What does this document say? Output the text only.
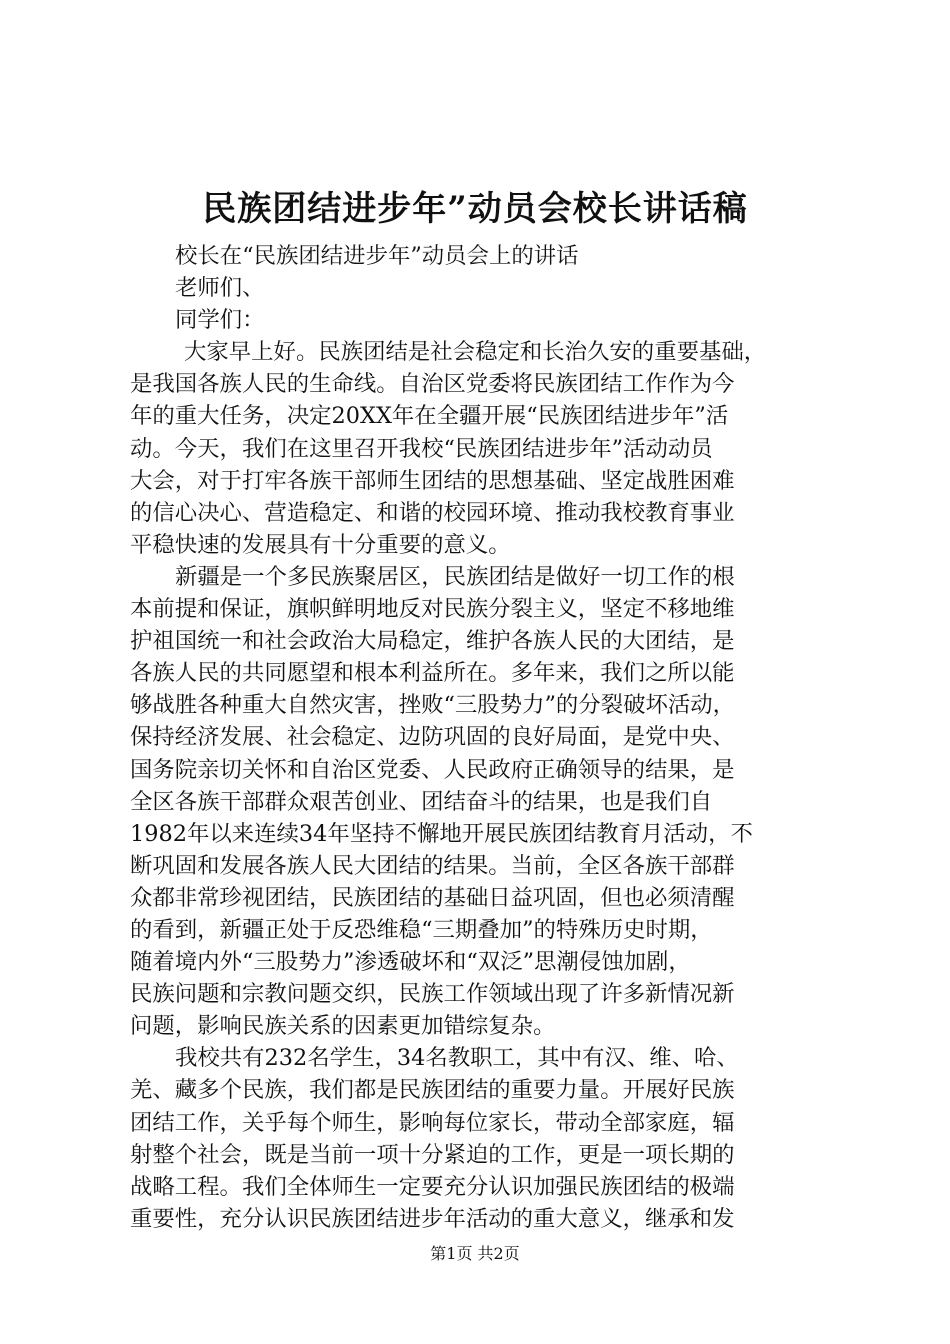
民族团结进步年”动员会校长讲话稿
校长在“民族团结进步年”动员会上的讲话
老师们、
同学们：
大家早上好。民族团结是社会稳定和长治久安的重要基础，
是我国各族人民的生命线。自治区党委将民族团结工作作为今
年的重大任务，决定20XX年在全疆开展“民族团结进步年”活
动。今天，我们在这里召开我校“民族团结进步年”活动动员
大会，对于打牢各族干部师生团结的思想基础、坚定战胜困难
的信心决心、营造稳定、和谐的校园环境、推动我校教育事业
平稳快速的发展具有十分重要的意义。
新疆是一个多民族聚居区，民族团结是做好一切工作的根
本前提和保证，旗帜鲜明地反对民族分裂主义，坚定不移地维
护祖国统一和社会政治大局稳定，维护各族人民的大团结，是
各族人民的共同愿望和根本利益所在。多年来，我们之所以能
够战胜各种重大自然灾害，挫败“三股势力”的分裂破坏活动，
保持经济发展、社会稳定、边防巩固的良好局面，是党中央、
国务院亲切关怀和自治区党委、人民政府正确领导的结果，是
全区各族干部群众艰苦创业、团结奋斗的结果，也是我们自
1982年以来连续34年坚持不懈地开展民族团结教育月活动，不
断巩固和发展各族人民大团结的结果。当前，全区各族干部群
众都非常珍视团结，民族团结的基础日益巩固，但也必须清醒
的看到，新疆正处于反恐维稳“三期叠加”的特殊历史时期，
随着境内外“三股势力”渗透破坏和“双泛”思潮侵蚀加剧，
民族问题和宗教问题交织，民族工作领域出现了许多新情况新
问题，影响民族关系的因素更加错综复杂。
我校共有232名学生，34名教职工，其中有汉、维、哈、
羌、藏多个民族，我们都是民族团结的重要力量。开展好民族
团结工作，关乎每个师生，影响每位家长，带动全部家庭，辐
射整个社会，既是当前一项十分紧迫的工作，更是一项长期的
战略工程。我们全体师生一定要充分认识加强民族团结的极端
重要性，充分认识民族团结进步年活动的重大意义，继承和发
第1页 共2页
